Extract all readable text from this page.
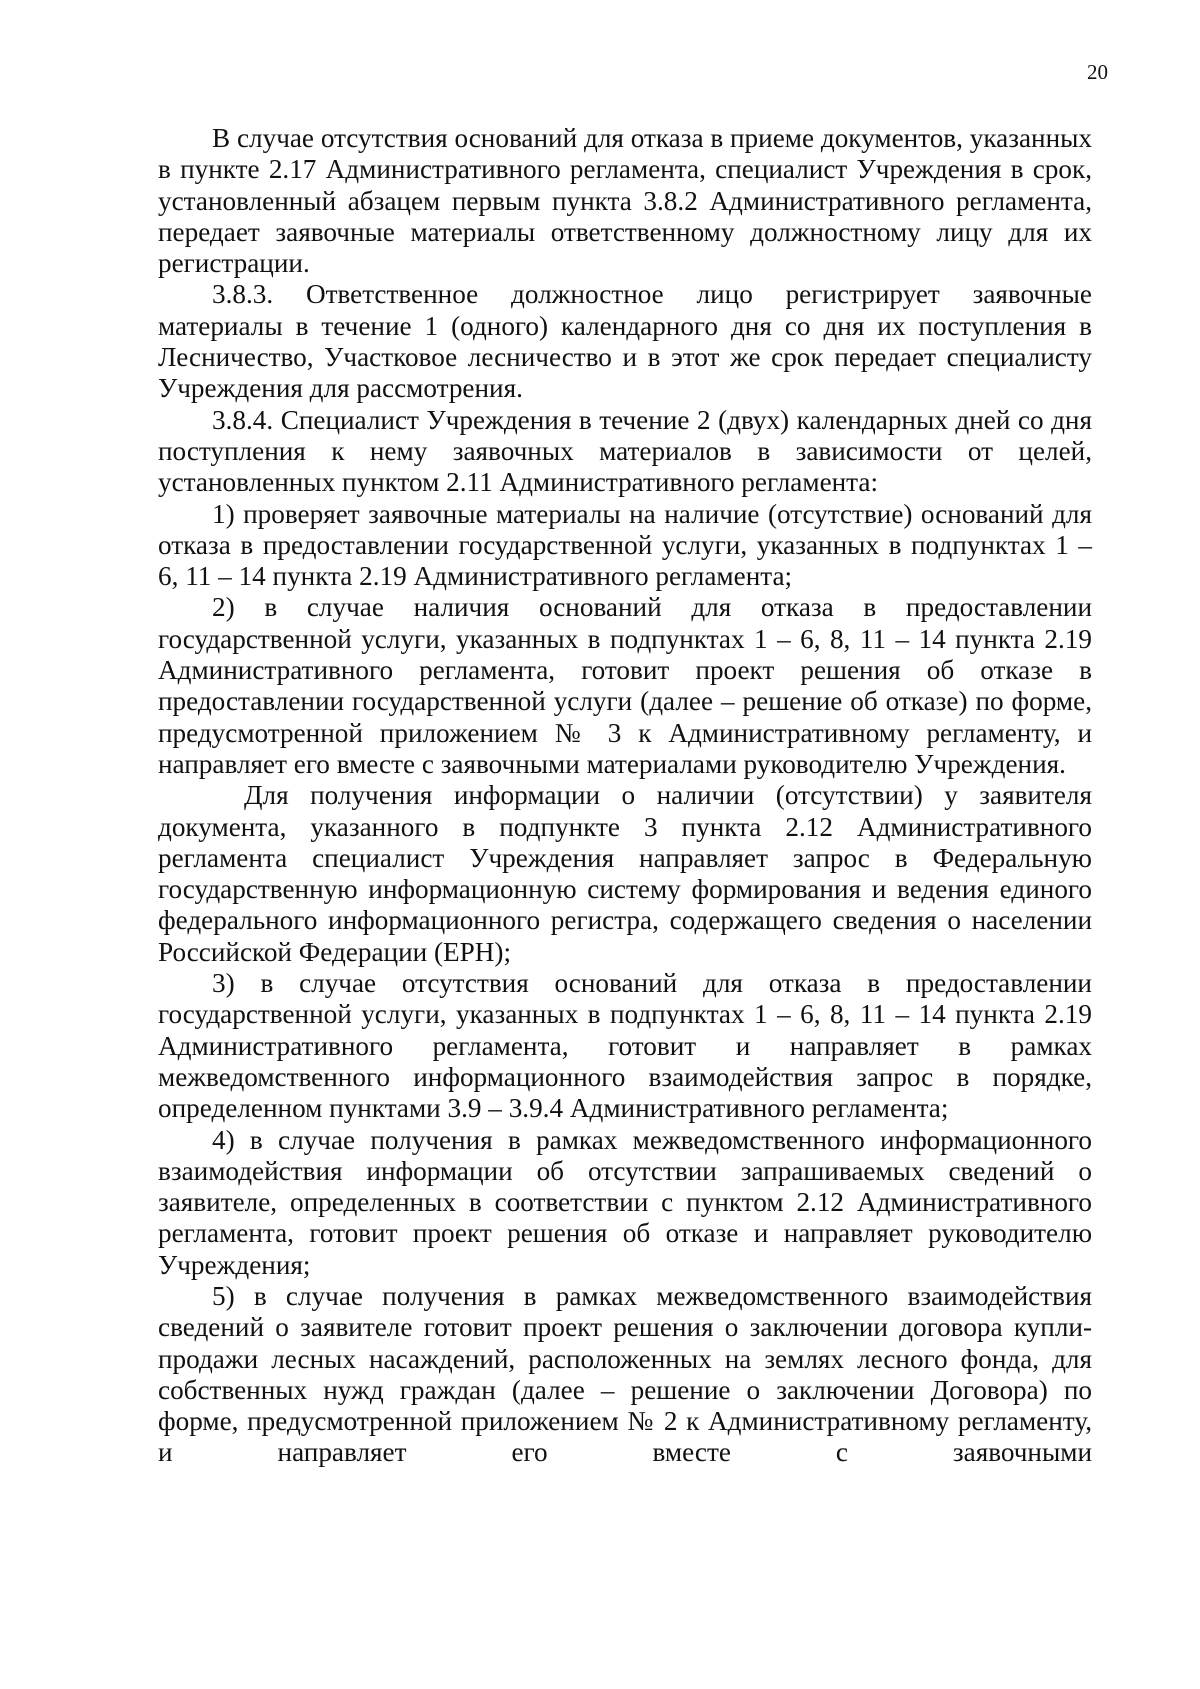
20

В случае отсутствия оснований для отказа в приеме документов, указанных в пункте 2.17 Административного регламента, специалист Учреждения в срок, установленный абзацем первым пункта 3.8.2 Административного регламента, передает заявочные материалы ответственному должностному лицу для их регистрации.

3.8.3. Ответственное должностное лицо регистрирует заявочные материалы в течение 1 (одного) календарного дня со дня их поступления в Лесничество, Участковое лесничество и в этот же срок передает специалисту Учреждения для рассмотрения.

3.8.4. Специалист Учреждения в течение 2 (двух) календарных дней со дня поступления к нему заявочных материалов в зависимости от целей, установленных пунктом 2.11 Административного регламента:

1) проверяет заявочные материалы на наличие (отсутствие) оснований для отказа в предоставлении государственной услуги, указанных в подпунктах 1 – 6, 11 – 14 пункта 2.19 Административного регламента;

2) в случае наличия оснований для отказа в предоставлении государственной услуги, указанных в подпунктах 1 – 6, 8, 11 – 14 пункта 2.19 Административного регламента, готовит проект решения об отказе в предоставлении государственной услуги (далее – решение об отказе) по форме, предусмотренной приложением № 3 к Административному регламенту, и направляет его вместе с заявочными материалами руководителю Учреждения.

Для получения информации о наличии (отсутствии) у заявителя документа, указанного в подпункте 3 пункта 2.12 Административного регламента специалист Учреждения направляет запрос в Федеральную государственную информационную систему формирования и ведения единого федерального информационного регистра, содержащего сведения о населении Российской Федерации (ЕРН);

3) в случае отсутствия оснований для отказа в предоставлении государственной услуги, указанных в подпунктах 1 – 6, 8, 11 – 14 пункта 2.19 Административного регламента, готовит и направляет в рамках межведомственного информационного взаимодействия запрос в порядке, определенном пунктами 3.9 – 3.9.4 Административного регламента;

4) в случае получения в рамках межведомственного информационного взаимодействия информации об отсутствии запрашиваемых сведений о заявителе, определенных в соответствии с пунктом 2.12 Административного регламента, готовит проект решения об отказе и направляет руководителю Учреждения;

5) в случае получения в рамках межведомственного взаимодействия сведений о заявителе готовит проект решения о заключении договора купли-продажи лесных насаждений, расположенных на землях лесного фонда, для собственных нужд граждан (далее – решение о заключении Договора) по форме, предусмотренной приложением № 2 к Административному регламенту, и направляет его вместе с заявочными
